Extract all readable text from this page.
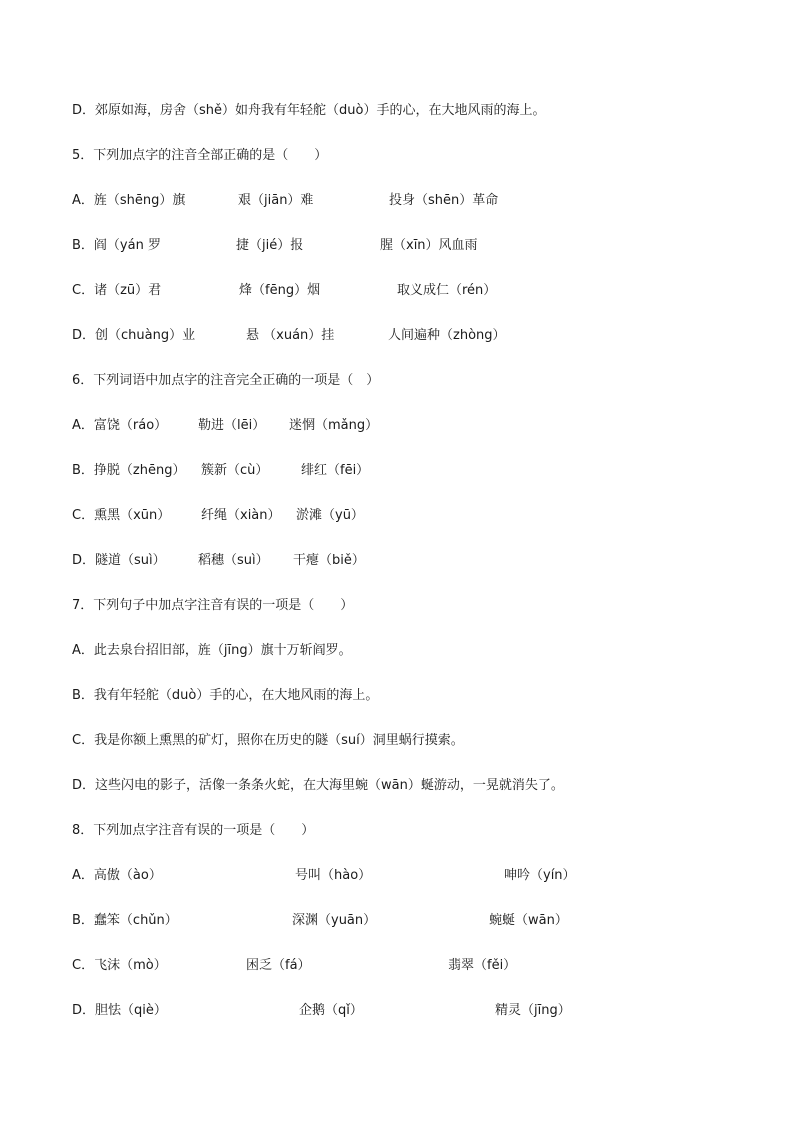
D．郊原如海，房舍（shě）如舟我有年轻舵（duò）手的心，在大地风雨的海上。
5．下列加点字的注音全部正确的是（　　）
A．旌（shēng）旗	艰（jiān）难	投身（shēn）革命
B．阎（yán 罗	捷（jié）报	腥（xīn）风血雨
C．诸（zū）君	烽（fēng）烟	取义成仁（rén）
D．创（chuàng）业	悬 （xuán）挂	人间遍种（zhòng）
6．下列词语中加点字的注音完全正确的一项是（　）
A．富饶（ráo） 勒进（lēi） 迷惘（mǎng）
B．挣脱（zhēng） 簇新（cù）	绯红（fēi）
C．熏黑（xūn） 纤绳（xiàn） 淤滩（yū）
D．隧道（suì） 稻穗（suì） 干瘪（biě）
7．下列句子中加点字注音有误的一项是（　　）
A．此去泉台招旧部，旌（jīng）旗十万斩阎罗。
B．我有年轻舵（duò）手的心，在大地风雨的海上。
C．我是你额上熏黑的矿灯，照你在历史的隧（suí）洞里蜗行摸索。
D．这些闪电的影子，活像一条条火蛇，在大海里蜿（wān）蜒游动，一晃就消失了。
8．下列加点字注音有误的一项是（　　）
A．高傲（ào）	号叫（hào）	呻吟（yín）
B．蠢笨（chǔn）	深渊（yuān）	蜿蜒（wān）
C．飞沫（mò）	困乏（fá）	翡翠（fěi）
D．胆怯（qiè）	企鹅（qǐ）	精灵（jīng）
